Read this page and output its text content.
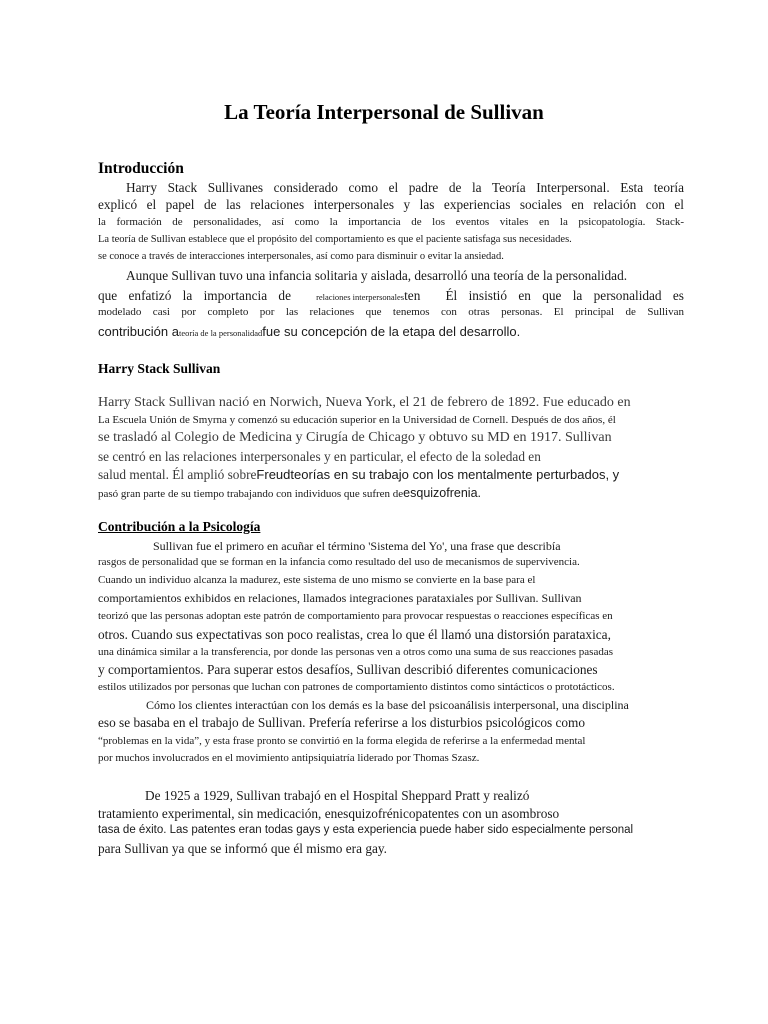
La Teoría Interpersonal de Sullivan
Introducción
Harry Stack Sullivanes considerado como el padre de la Teoría Interpersonal. Esta teoría
explicó el papel de las relaciones interpersonales y las experiencias sociales en relación con el
la formación de personalidades, así como la importancia de los eventos vitales en la psicopatología. Stack-
La teoría de Sullivan establece que el propósito del comportamiento es que el paciente satisfaga sus necesidades.
se conoce a través de interacciones interpersonales, así como para disminuir o evitar la ansiedad.
Aunque Sullivan tuvo una infancia solitaria y aislada, desarrolló una teoría de la personalidad.
que enfatizó la importancia de	relaciones interpersonalesten Él insistió en que la personalidad es
modelado casi por completo por las relaciones que tenemos con otras personas. El principal de Sullivan
contribución ateoría de la personalidadfue su concepción de la etapa del desarrollo.
Harry Stack Sullivan
Harry Stack Sullivan nació en Norwich, Nueva York, el 21 de febrero de 1892. Fue educado en
La Escuela Unión de Smyrna y comenzó su educación superior en la Universidad de Cornell. Después de dos años, él
se trasladó al Colegio de Medicina y Cirugía de Chicago y obtuvo su MD en 1917. Sullivan
se centró en las relaciones interpersonales y en particular, el efecto de la soledad en
salud mental. Él amplió sobreFreudteorías en su trabajo con los mentalmente perturbados, y
pasó gran parte de su tiempo trabajando con individuos que sufren deesquizofrenia.
Contribución a la Psicología
Sullivan fue el primero en acuñar el término 'Sistema del Yo', una frase que describía
rasgos de personalidad que se forman en la infancia como resultado del uso de mecanismos de supervivencia.
Cuando un individuo alcanza la madurez, este sistema de uno mismo se convierte en la base para el
comportamientos exhibidos en relaciones, llamados integraciones parataxiales por Sullivan. Sullivan
teorizó que las personas adoptan este patrón de comportamiento para provocar respuestas o reacciones específicas en
otros. Cuando sus expectativas son poco realistas, crea lo que él llamó una distorsión parataxica,
una dinámica similar a la transferencia, por donde las personas ven a otros como una suma de sus reacciones pasadas
y comportamientos. Para superar estos desafíos, Sullivan describió diferentes comunicaciones
estilos utilizados por personas que luchan con patrones de comportamiento distintos como sintácticos o prototácticos.
Cómo los clientes interactúan con los demás es la base del psicoanálisis interpersonal, una disciplina
eso se basaba en el trabajo de Sullivan. Prefería referirse a los disturbios psicológicos como
“problemas en la vida”, y esta frase pronto se convirtió en la forma elegida de referirse a la enfermedad mental
por muchos involucrados en el movimiento antipsiquiatría liderado por Thomas Szasz.
De 1925 a 1929, Sullivan trabajó en el Hospital Sheppard Pratt y realizó
tratamiento experimental, sin medicación, enesquizofrénicopatentes con un asombroso
tasa de éxito. Las patentes eran todas gays y esta experiencia puede haber sido especialmente personal
para Sullivan ya que se informó que él mismo era gay.
